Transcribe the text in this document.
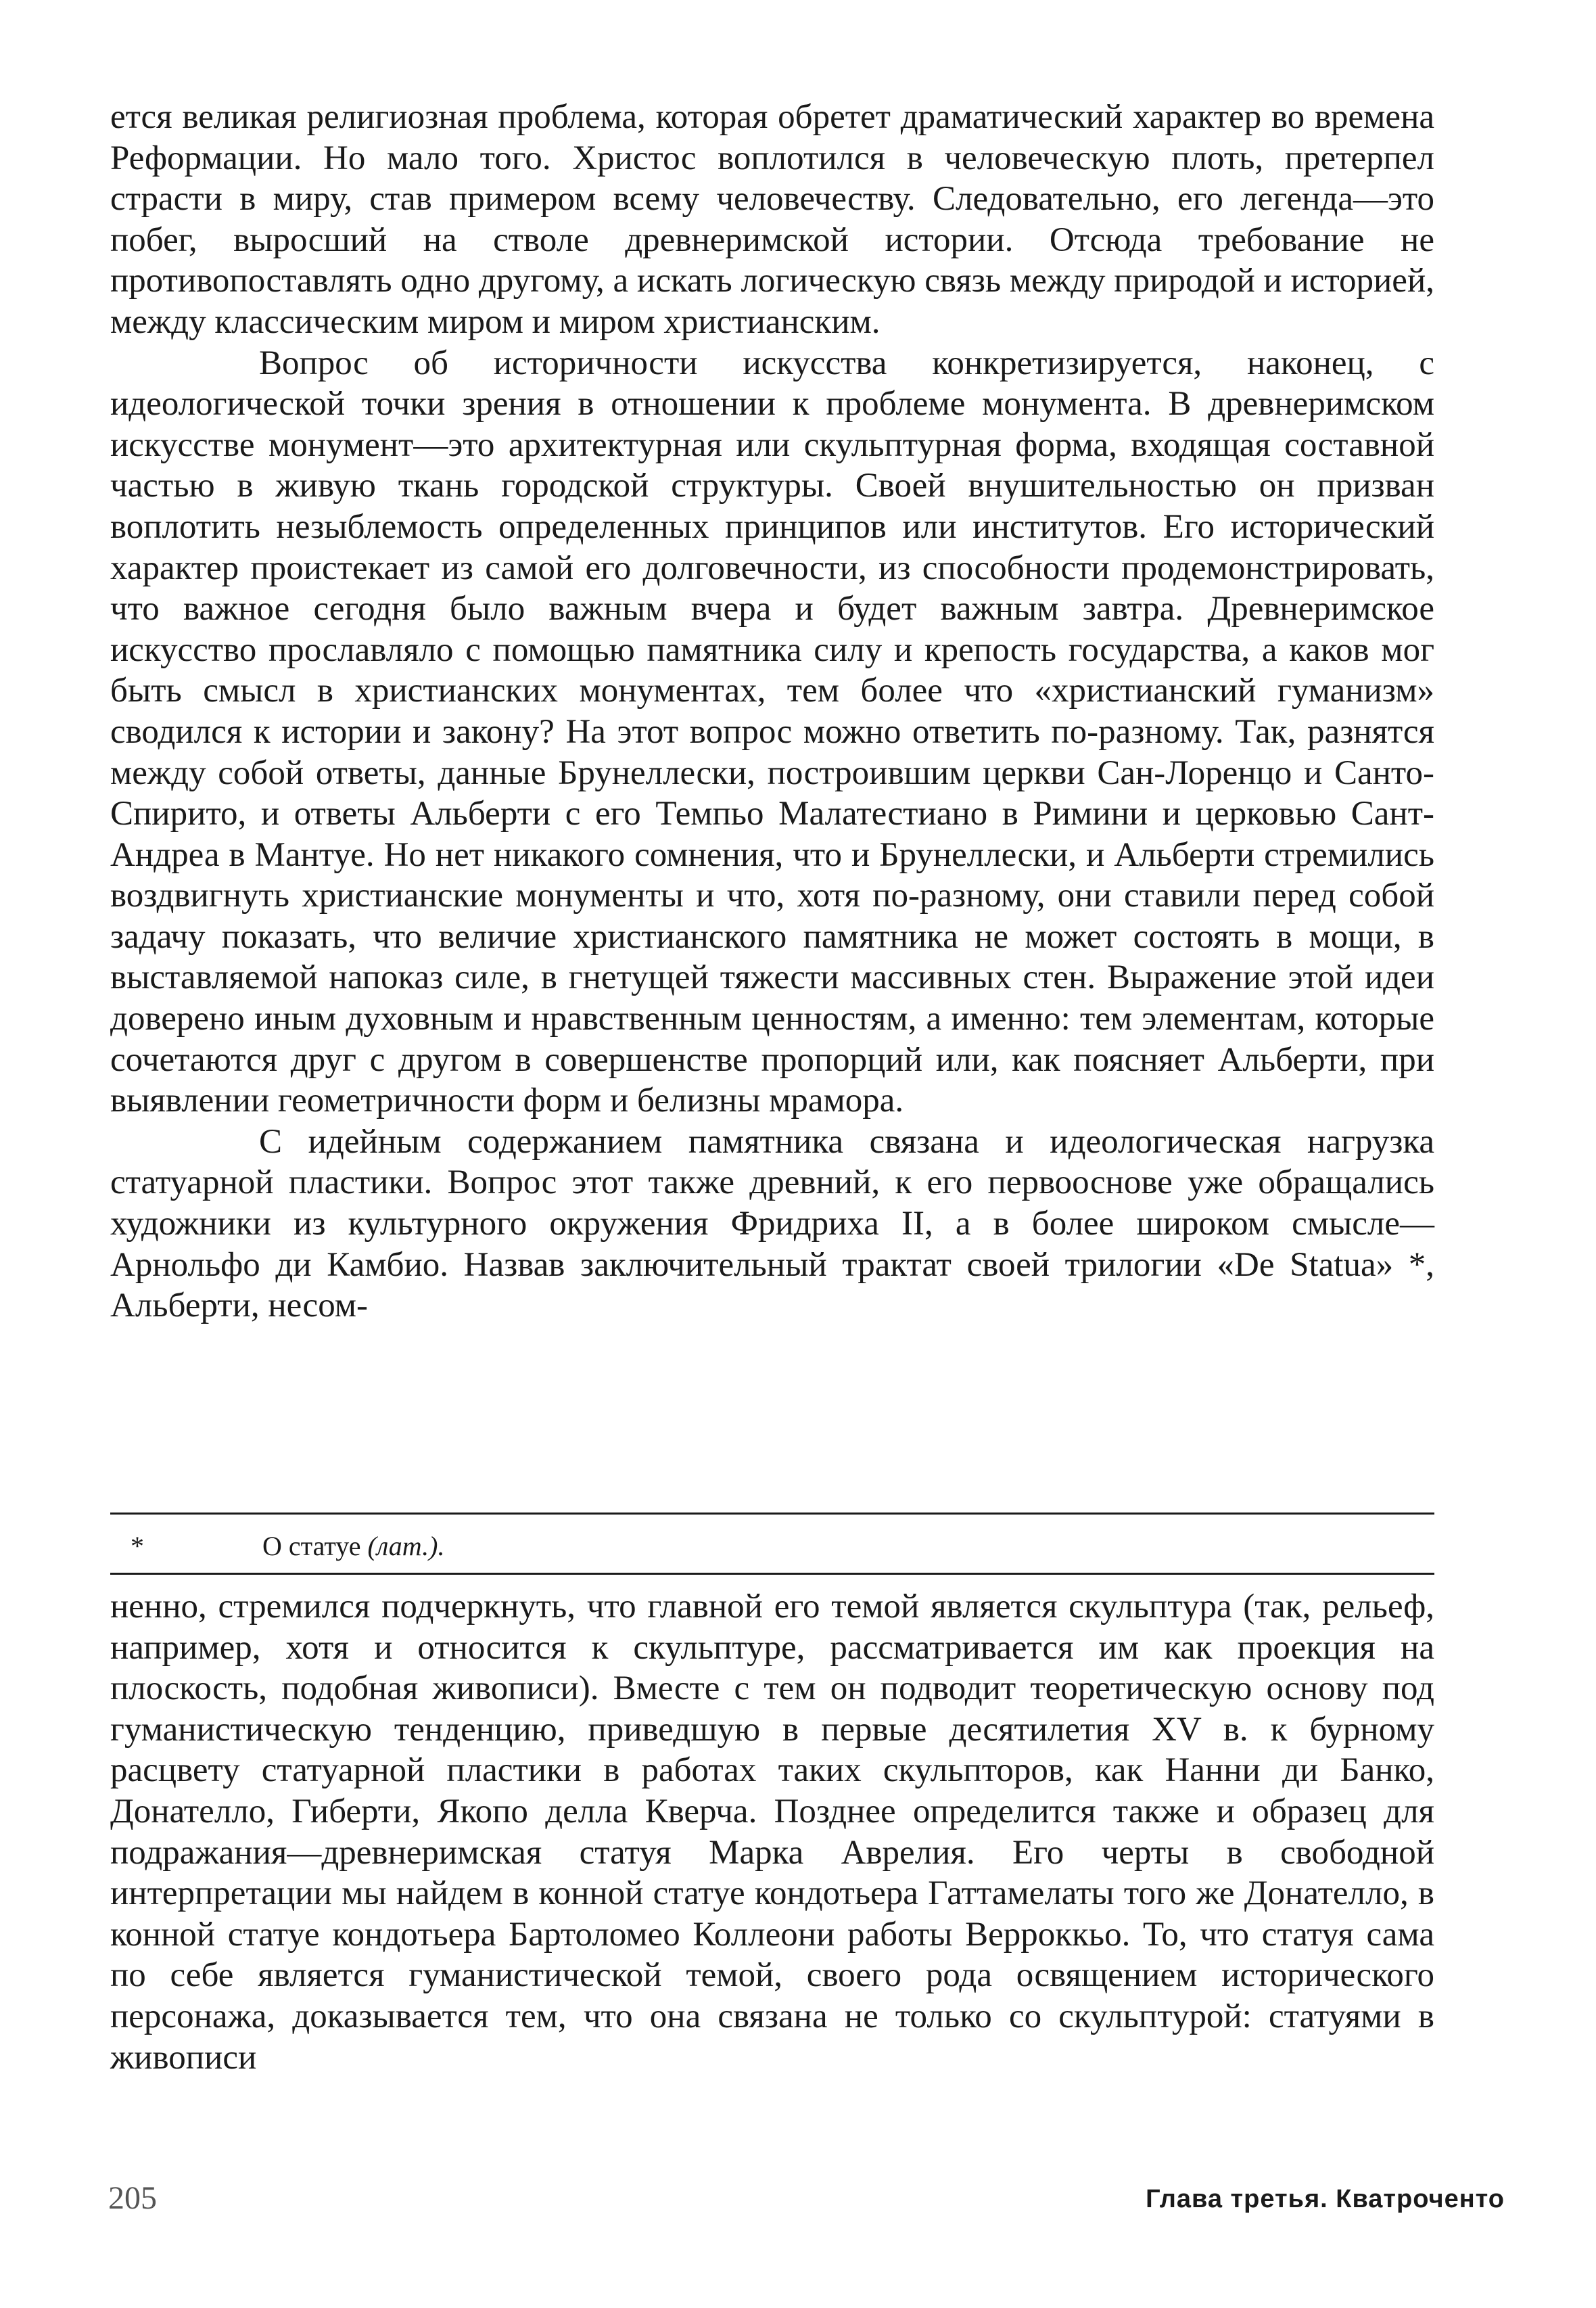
ется великая религиозная проблема, которая обретет драматический характер во времена Реформации. Но мало того. Христос воплотился в человеческую плоть, претерпел страсти в миру, став примером всему человечеству. Следовательно, его легенда—это побег, выросший на стволе древнеримской истории. Отсюда требование не противопоставлять одно другому, а искать логическую связь между природой и историей, между классическим миром и миром христианским.

Вопрос об историчности искусства конкретизируется, наконец, с идеологической точки зрения в отношении к проблеме монумента. В древнеримском искусстве монумент—это архитектурная или скульптурная форма, входящая составной частью в живую ткань городской структуры. Своей внушительностью он призван воплотить незыблемость определенных принципов или институтов. Его исторический характер проистекает из самой его долговечности, из способности продемонстрировать, что важное сегодня было важным вчера и будет важным завтра. Древнеримское искусство прославляло с помощью памятника силу и крепость государства, а каков мог быть смысл в христианских монументах, тем более что «христианский гуманизм» сводился к истории и закону? На этот вопрос можно ответить по-разному. Так, разнятся между собой ответы, данные Брунеллески, построившим церкви Сан-Лоренцо и Санто-Спирито, и ответы Альберти с его Темпьо Малатестиано в Римини и церковью Сант-Андреа в Мантуе. Но нет никакого сомнения, что и Брунеллески, и Альберти стремились воздвигнуть христианские монументы и что, хотя по-разному, они ставили перед собой задачу показать, что величие христианского памятника не может состоять в мощи, в выставляемой напоказ силе, в гнетущей тяжести массивных стен. Выражение этой идеи доверено иным духовным и нравственным ценностям, а именно: тем элементам, которые сочетаются друг с другом в совершенстве пропорций или, как поясняет Альберти, при выявлении геометричности форм и белизны мрамора.

С идейным содержанием памятника связана и идеологическая нагрузка статуарной пластики. Вопрос этот также древний, к его первооснове уже обращались художники из культурного окружения Фридриха II, а в более широком смысле—Арнольфо ди Камбио. Назвав заключительный трактат своей трилогии «De Statua» *, Альберти, несом-

*	О статуе (лат.).

ненно, стремился подчеркнуть, что главной его темой является скульптура (так, рельеф, например, хотя и относится к скульптуре, рассматривается им как проекция на плоскость, подобная живописи). Вместе с тем он подводит теоретическую основу под гуманистическую тенденцию, приведшую в первые десятилетия XV в. к бурному расцвету статуарной пластики в работах таких скульпторов, как Нанни ди Банко, Донателло, Гиберти, Якопо делла Кверча. Позднее определится также и образец для подражания—древнеримская статуя Марка Аврелия. Его черты в свободной интерпретации мы найдем в конной статуе кондотьера Гаттамелаты того же Донателло, в конной статуе кондотьера Бартоломео Коллеони работы Верроккьо. То, что статуя сама по себе является гуманистической темой, своего рода освящением исторического персонажа, доказывается тем, что она связана не только со скульптурой: статуями в живописи

205	Глава третья. Кватроченто
